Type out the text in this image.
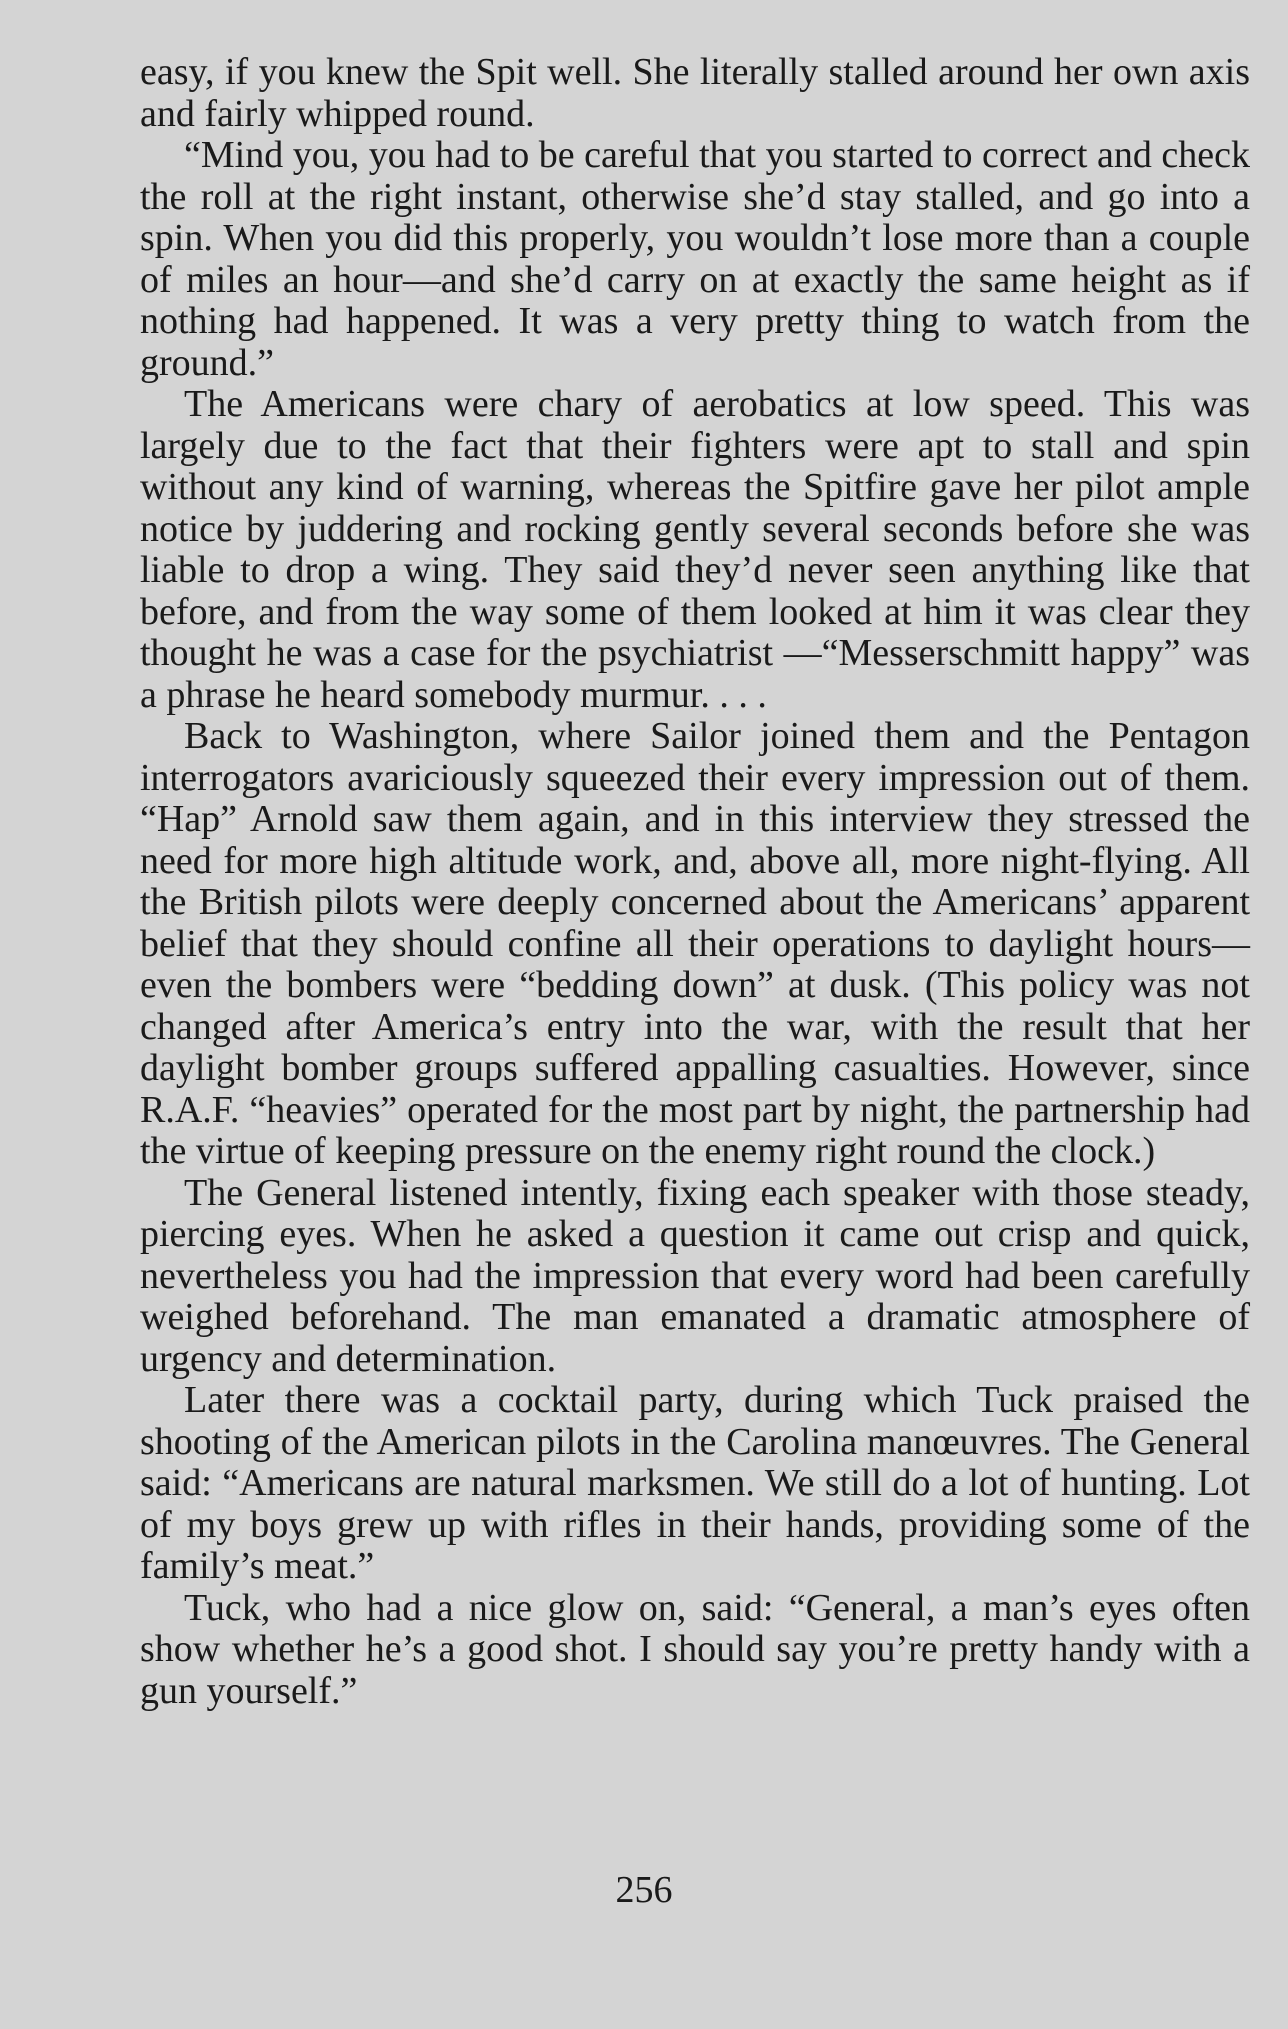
easy, if you knew the Spit well. She literally stalled around her own axis and fairly whipped round.

“Mind you, you had to be careful that you started to correct and check the roll at the right instant, otherwise she’d stay stalled, and go into a spin. When you did this properly, you wouldn’t lose more than a couple of miles an hour—and she’d carry on at exactly the same height as if nothing had happened. It was a very pretty thing to watch from the ground.”

The Americans were chary of aerobatics at low speed. This was largely due to the fact that their fighters were apt to stall and spin without any kind of warning, whereas the Spitfire gave her pilot ample notice by juddering and rocking gently several seconds before she was liable to drop a wing. They said they’d never seen anything like that before, and from the way some of them looked at him it was clear they thought he was a case for the psychiatrist —“Messerschmitt happy” was a phrase he heard somebody murmur. . . .

Back to Washington, where Sailor joined them and the Pentagon interrogators avariciously squeezed their every impression out of them. “Hap” Arnold saw them again, and in this interview they stressed the need for more high altitude work, and, above all, more night-flying. All the British pilots were deeply concerned about the Americans’ apparent belief that they should confine all their operations to daylight hours—even the bombers were “bedding down” at dusk. (This policy was not changed after America’s entry into the war, with the result that her daylight bomber groups suffered appalling casualties. However, since R.A.F. “heavies” operated for the most part by night, the partnership had the virtue of keeping pressure on the enemy right round the clock.)

The General listened intently, fixing each speaker with those steady, piercing eyes. When he asked a question it came out crisp and quick, nevertheless you had the impression that every word had been carefully weighed beforehand. The man emanated a dramatic atmosphere of urgency and determination.

Later there was a cocktail party, during which Tuck praised the shooting of the American pilots in the Carolina manœuvres. The General said: “Americans are natural marksmen. We still do a lot of hunting. Lot of my boys grew up with rifles in their hands, providing some of the family’s meat.”

Tuck, who had a nice glow on, said: “General, a man’s eyes often show whether he’s a good shot. I should say you’re pretty handy with a gun yourself.”

256
